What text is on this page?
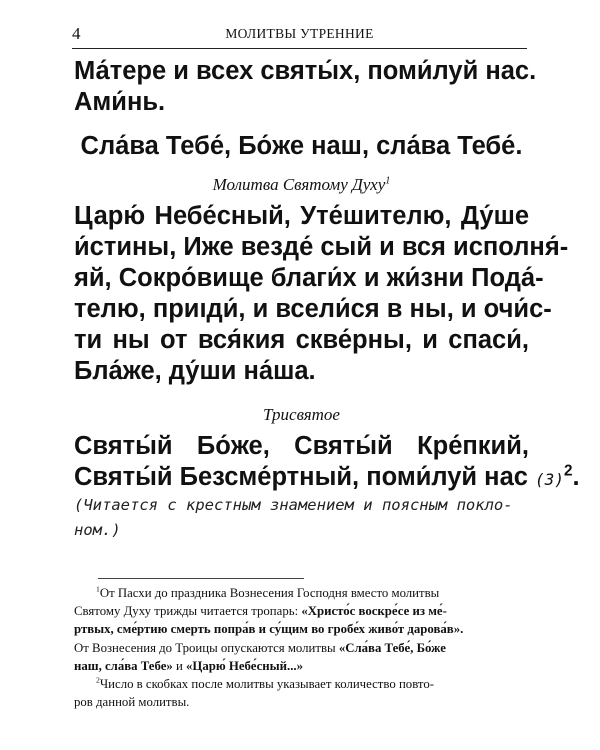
4	МОЛИТВЫ УТРЕННИЕ
Ма́тере и всех святы́х, поми́луй нас.
Ами́нь.
Сла́ва Тебе́, Бо́же наш, сла́ва Тебе́.
Молитва Святому Духу$^1$
Царю́ Небе́сный, Уте́шителю, Ду́ше
и́стины, Иже везде́ сый и вся исполня́-
яй, Сокро́вище благи́х и жи́зни Пода́-
телю, приıди́, и всели́ся в ны, и очи́с-
ти ны от вся́кия скве́рны, и спаси́,
Бла́же, ду́ши на́ша.
Трисвятое
Святы́й Бо́же, Святы́й Кре́пкий,
Святы́й Безсме́ртный, поми́луй нас $(3)^2$.
(Читается с крестным знамением и поясным покло-
ном.)
$^1$От Пасхи до праздника Вознесения Господня вместо молитвы
Святому Духу трижды читается тропарь: «Христо́с воскре́се из ме́-
ртвых, сме́ртию смерть попра́в и су́щим во гробе́х живо́т дарова́в».
От Вознесения до Троицы опускаются молитвы «Сла́ва Тебе́, Бо́же
наш, сла́ва Тебе» и «Царю́ Небе́сный...»
$^2$Число в скобках после молитвы указывает количество повто-
ров данной молитвы.
